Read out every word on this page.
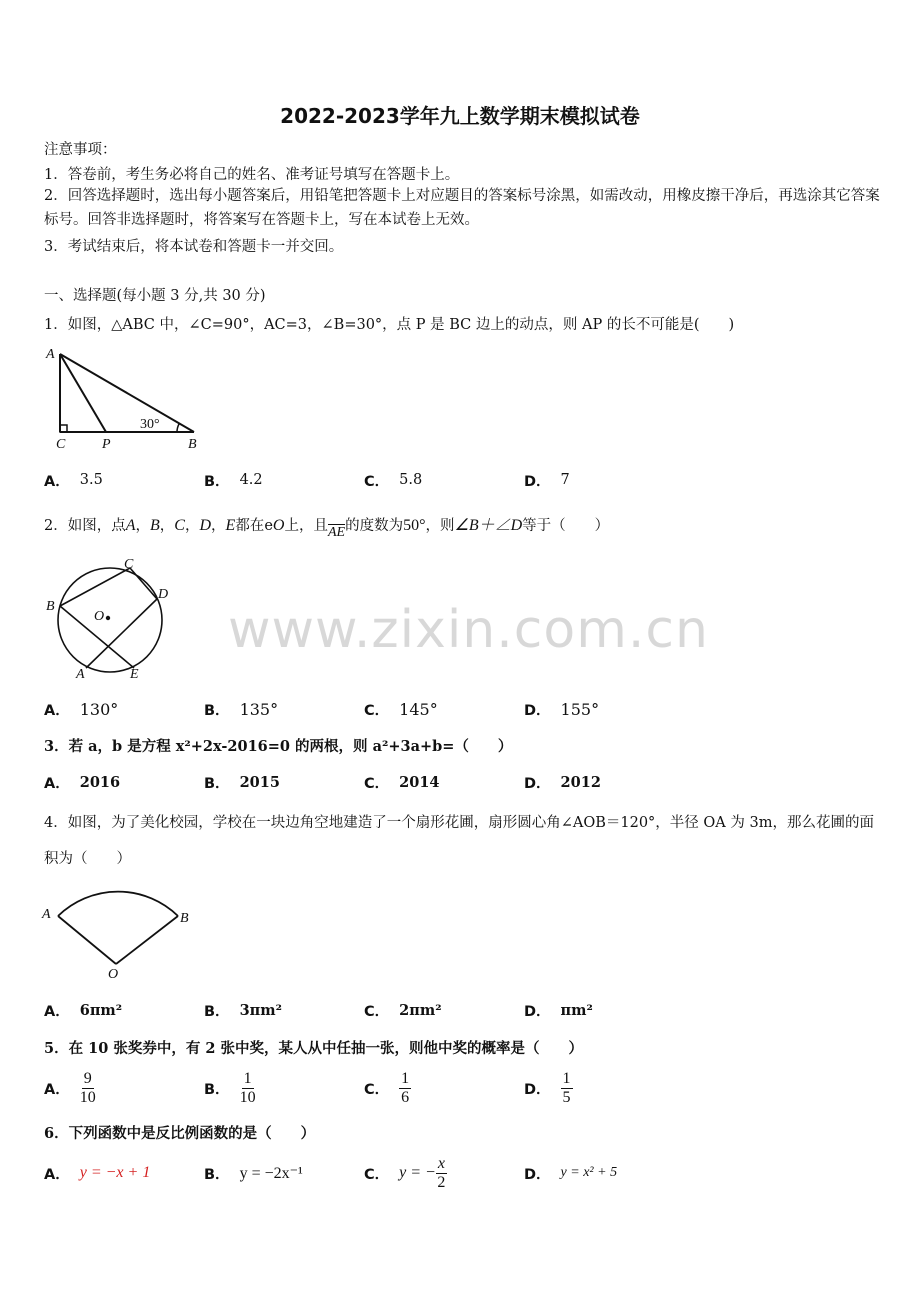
2022-2023学年九上数学期末模拟试卷
注意事项：
1．答卷前，考生务必将自己的姓名、准考证号填写在答题卡上。
2．回答选择题时，选出每小题答案后，用铅笔把答题卡上对应题目的答案标号涂黑，如需改动，用橡皮擦干净后，再选涂其它答案标号。回答非选择题时，将答案写在答题卡上，写在本试卷上无效。
3．考试结束后，将本试卷和答题卡一并交回。
一、选择题(每小题 3 分,共 30 分)
1．如图，△ABC 中，∠C=90°，AC=3，∠B=30°，点 P 是 BC 边上的动点，则 AP 的长不可能是(　　)
A
C	P	B
30°
A． 3.5	B． 4.2	C． 5.8	D． 7
2．如图，点A，B，C，D，E都在eO上，且AE的度数为50°，则∠B＋∠D等于（　　）
C
D
B
O
A	E
A． 130°	B． 135°	C． 145°	D． 155°
3．若 a，b 是方程 x²+2x-2016=0 的两根，则 a²+3a+b=（　　）
A． 2016	B． 2015	C． 2014	D． 2012
4．如图，为了美化校园，学校在一块边角空地建造了一个扇形花圃，扇形圆心角∠AOB＝120°，半径 OA 为 3m，那么花圃的面积为（　　）
A	B
O
A． 6πm²	B． 3πm²	C． 2πm²	D． πm²
5．在 10 张奖券中，有 2 张中奖，某人从中任抽一张，则他中奖的概率是（　　）
A． $\frac{9}{10}$	B． $\frac{1}{10}$	C． $\frac{1}{6}$	D． $\frac{1}{5}$
6．下列函数中是反比例函数的是（　　）
A． y = −x + 1	B． y = −2x⁻¹	C． y = − $\frac{x}{2}$	D． y = x² + 5
www.zixin.com.cn
